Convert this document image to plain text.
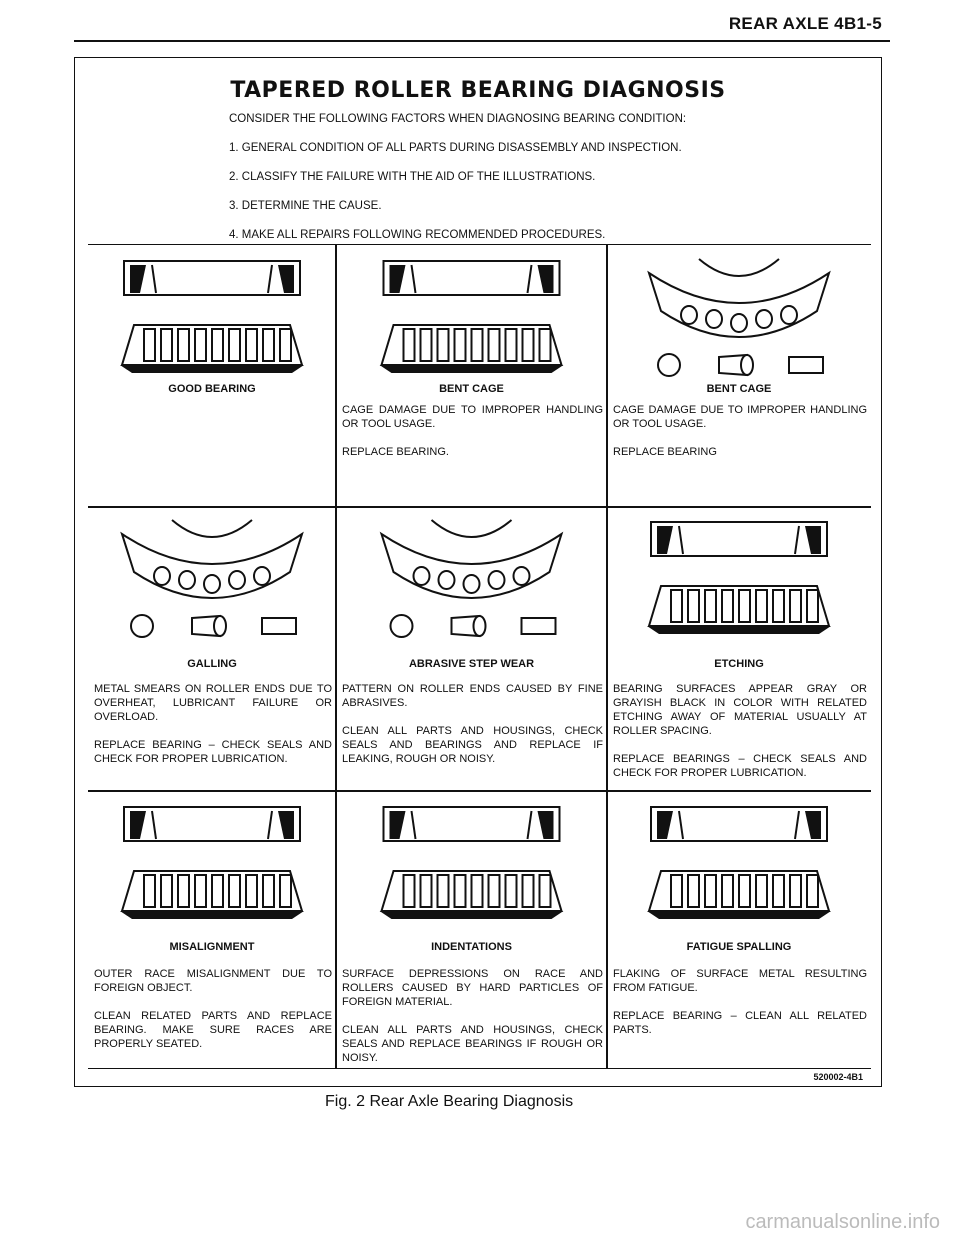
REAR AXLE 4B1-5
TAPERED ROLLER BEARING DIAGNOSIS
CONSIDER THE FOLLOWING FACTORS WHEN DIAGNOSING BEARING CONDITION:
1. GENERAL CONDITION OF ALL PARTS DURING DISASSEMBLY AND INSPECTION.
2. CLASSIFY THE FAILURE WITH THE AID OF THE ILLUSTRATIONS.
3. DETERMINE THE CAUSE.
4. MAKE ALL REPAIRS FOLLOWING RECOMMENDED PROCEDURES.
GOOD BEARING	BENT CAGE

CAGE DAMAGE DUE TO IMPROPER HANDLING OR TOOL USAGE.

REPLACE BEARING.

BENT CAGE

CAGE DAMAGE DUE TO IMPROPER HANDLING OR TOOL USAGE.

REPLACE BEARING

GALLING

METAL SMEARS ON ROLLER ENDS DUE TO OVERHEAT, LUBRICANT FAILURE OR OVERLOAD.

REPLACE BEARING – CHECK SEALS AND CHECK FOR PROPER LUBRICATION.

ABRASIVE STEP WEAR

PATTERN ON ROLLER ENDS CAUSED BY FINE ABRASIVES.

CLEAN ALL PARTS AND HOUSINGS, CHECK SEALS AND BEARINGS AND REPLACE IF LEAKING, ROUGH OR NOISY.

ETCHING

BEARING SURFACES APPEAR GRAY OR GRAYISH BLACK IN COLOR WITH RELATED ETCHING AWAY OF MATERIAL USUALLY AT ROLLER SPACING.

REPLACE BEARINGS – CHECK SEALS AND CHECK FOR PROPER LUBRICATION.

MISALIGNMENT

OUTER RACE MISALIGNMENT DUE TO FOREIGN OBJECT.

CLEAN RELATED PARTS AND REPLACE BEARING. MAKE SURE RACES ARE PROPERLY SEATED.

INDENTATIONS

SURFACE DEPRESSIONS ON RACE AND ROLLERS CAUSED BY HARD PARTICLES OF FOREIGN MATERIAL.

CLEAN ALL PARTS AND HOUSINGS, CHECK SEALS AND REPLACE BEARINGS IF ROUGH OR NOISY.

FATIGUE SPALLING

FLAKING OF SURFACE METAL RESULTING FROM FATIGUE.

REPLACE BEARING – CLEAN ALL RELATED PARTS.

520002-4B1
Fig. 2 Rear Axle Bearing Diagnosis
carmanualsonline.info
